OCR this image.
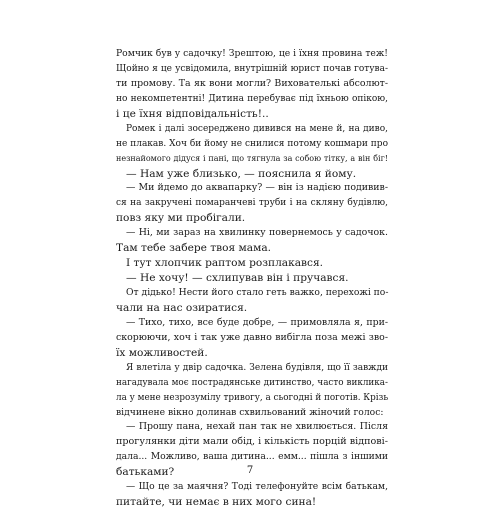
Ромчик був у садочку! Зрештою, це і їхня провина теж!
Щойно я це усвідомила, внутрішній юрист почав готува-
ти промову. Та як вони могли? Вихователькі абсолют-
но некомпетентні! Дитина перебуває під їхньою опікою,
і це їхня відповідальність!..
Ромек і далі зосереджено дивився на мене й, на диво,
не плакав. Хоч би йому не снилися потому кошмари про
незнайомого дідуся і пані, що тягнула за собою тітку, а він біг!
— Нам уже близько, — пояснила я йому.
— Ми йдемо до аквапарку? — він із надією подивив-
ся на закручені помаранчеві труби і на скляну будівлю,
повз яку ми пробігали.
— Ні, ми зараз на хвилинку повернемось у садочок.
Там тебе забере твоя мама.
І тут хлопчик раптом розплакався.
— Не хочу! — схлипував він і пручався.
От дідько! Нести його стало геть важко, перехожі по-
чали на нас озиратися.
— Тихо, тихо, все буде добре, — примовляла я, при-
скорюючи, хоч і так уже давно вибігла поза межі зво-
їх можливостей.
Я влетіла у двір садочка. Зелена будівля, що її завжди
нагадувала моє пострадянське дитинство, часто виклика-
ла у мене незрозумілу тривогу, а сьогодні й поготів. Крізь
відчинене вікно долинав схвильований жіночий голос:
— Прошу пана, нехай пан так не хвилюється. Після
прогулянки діти мали обід, і кількість порцій відпові-
дала... Можливо, ваша дитина... емм... пішла з іншими
батьками?
— Що це за маячня? Тоді телефонуйте всім батькам,
питайте, чи немає в них мого сина!
7
